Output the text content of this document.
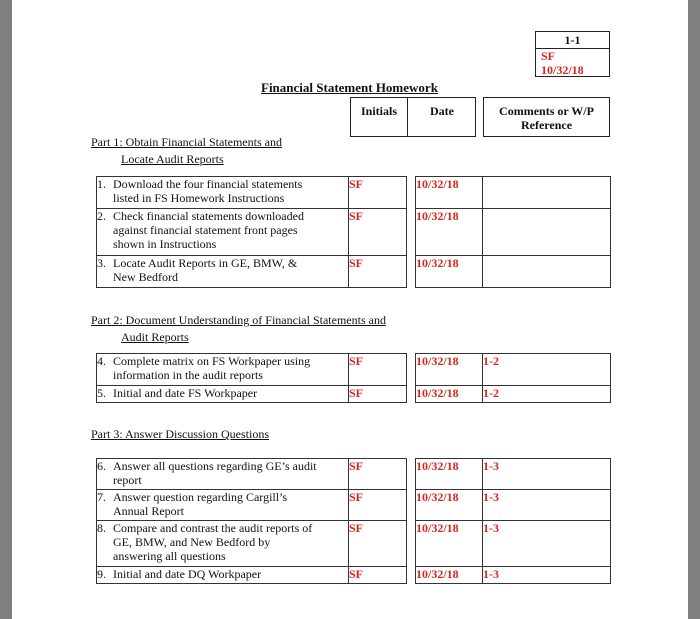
1-1
SF
10/32/18
Financial Statement Homework
Initials	Date	Comments or W/P
Reference
Part 1: Obtain Financial Statements and
Locate Audit Reports
1. Download the four financial statements
listed in FS Homework Instructions	SF		10/32/18	
2. Check financial statements downloaded
against financial statement front pages
shown in Instructions	SF		10/32/18	
3. Locate Audit Reports in GE, BMW, &
New Bedford	SF		10/32/18	
Part 2: Document Understanding of Financial Statements and
Audit Reports
4. Complete matrix on FS Workpaper using
information in the audit reports	SF		10/32/18	1-2
5. Initial and date FS Workpaper	SF		10/32/18	1-2
Part 3: Answer Discussion Questions
6. Answer all questions regarding GE’s audit
report	SF		10/32/18	1-3
7. Answer question regarding Cargill’s
Annual Report	SF		10/32/18	1-3
8. Compare and contrast the audit reports of
GE, BMW, and New Bedford by
answering all questions	SF		10/32/18	1-3
9. Initial and date DQ Workpaper	SF		10/32/18	1-3
